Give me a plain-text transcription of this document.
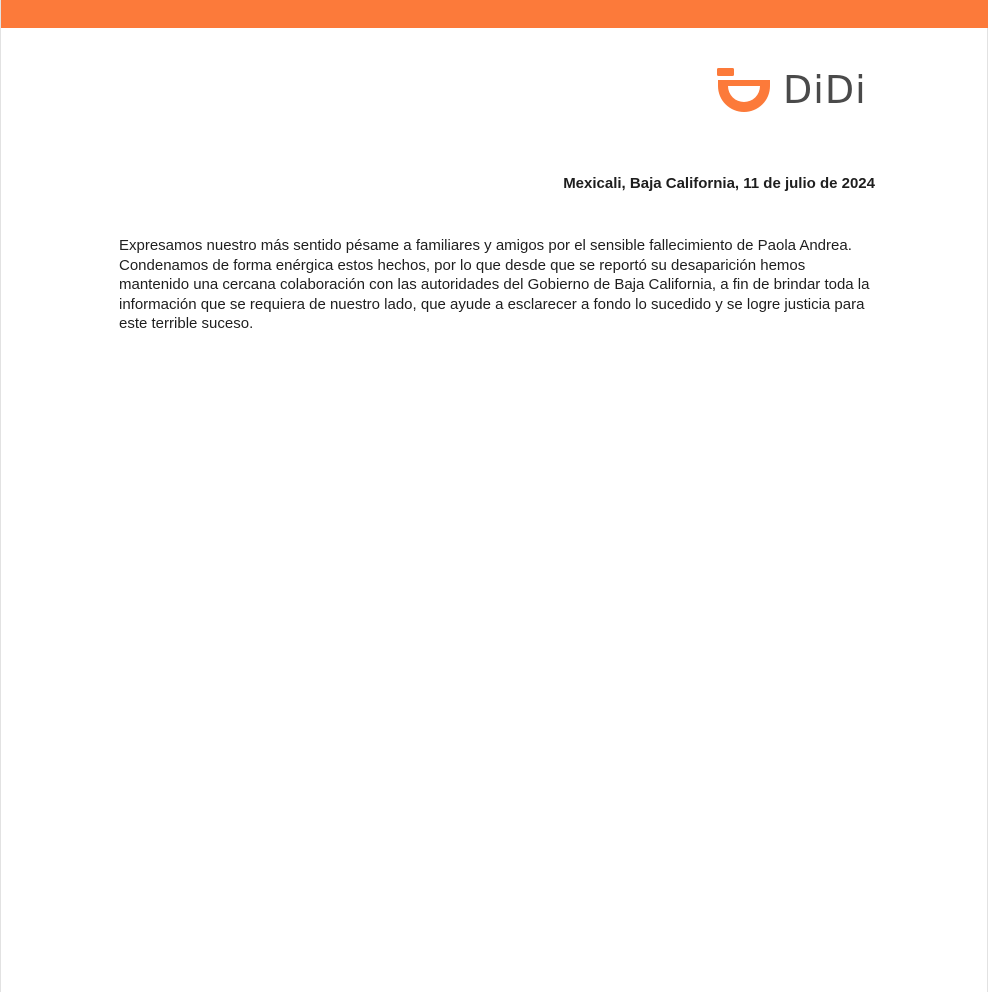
DiDi
Mexicali, Baja California, 11 de julio de 2024

Expresamos nuestro más sentido pésame a familiares y amigos por el sensible fallecimiento de Paola Andrea. Condenamos de forma enérgica estos hechos, por lo que desde que se reportó su desaparición hemos mantenido una cercana colaboración con las autoridades del Gobierno de Baja California, a fin de brindar toda la información que se requiera de nuestro lado, que ayude a esclarecer a fondo lo sucedido y se logre justicia para este terrible suceso.
